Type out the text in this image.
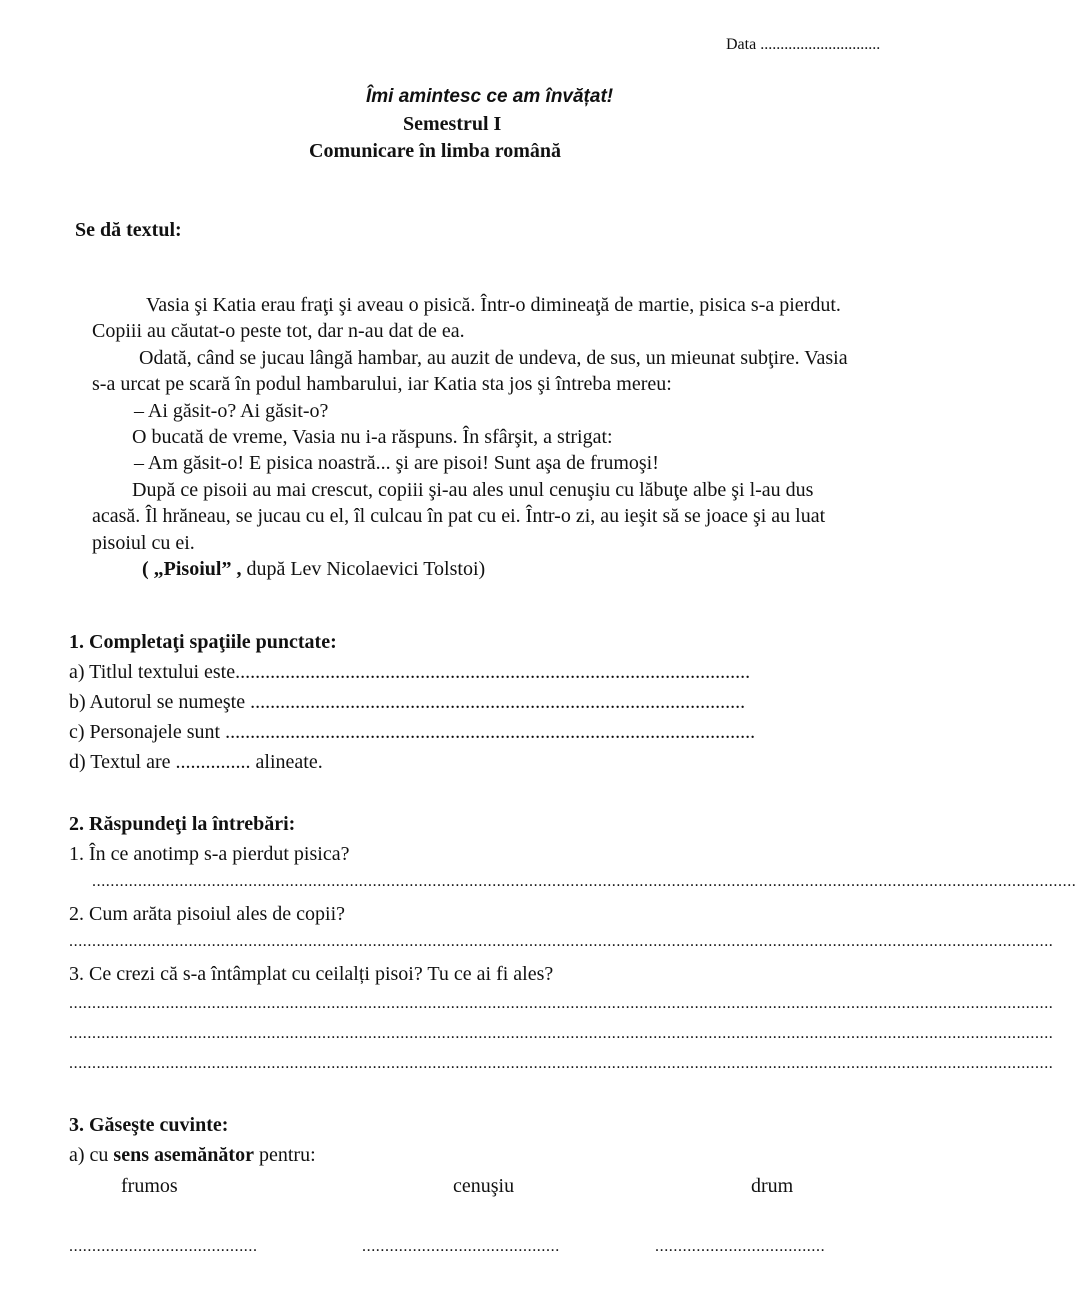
Data ..............................
Îmi amintesc ce am învățat!
Semestrul I
Comunicare în limba română
Se dă textul:
Vasia şi Katia erau fraţi şi aveau o pisică. Într-o dimineaţă de martie, pisica s-a pierdut.
Copiii au căutat-o peste tot, dar n-au dat de ea.
Odată, când se jucau lângă hambar, au auzit de undeva, de sus, un mieunat subţire. Vasia
s-a urcat pe scară în podul hambarului, iar Katia sta jos şi întreba mereu:
– Ai găsit-o? Ai găsit-o?
O bucată de vreme, Vasia nu i-a răspuns. În sfârşit, a strigat:
– Am găsit-o! E pisica noastră... şi are pisoi! Sunt aşa de frumoşi!
După ce pisoii au mai crescut, copiii şi-au ales unul cenuşiu cu lăbuţe albe şi l-au dus
acasă. Îl hrăneau, se jucau cu el, îl culcau în pat cu ei. Într-o zi, au ieşit să se joace şi au luat
pisoiul cu ei.
( „Pisoiul” , după Lev Nicolaevici Tolstoi)
1. Completaţi spaţiile punctate:
a) Titlul textului este.......................................................................................................
b) Autorul se numeşte ...................................................................................................
c) Personajele sunt ..........................................................................................................
d) Textul are ............... alineate.
2. Răspundeţi la întrebări:
1. În ce anotimp s-a pierdut pisica?
......................................................................................................................................................................................................................
2. Cum arăta pisoiul ales de copii?
......................................................................................................................................................................................................................
3. Ce crezi că s-a întâmplat cu ceilalți pisoi? Tu ce ai fi ales?
......................................................................................................................................................................................................................
......................................................................................................................................................................................................................
......................................................................................................................................................................................................................
3. Găseşte cuvinte:
a) cu sens asemănător pentru:
frumos	cenuşiu	drum
.........................................	...........................................	.....................................
